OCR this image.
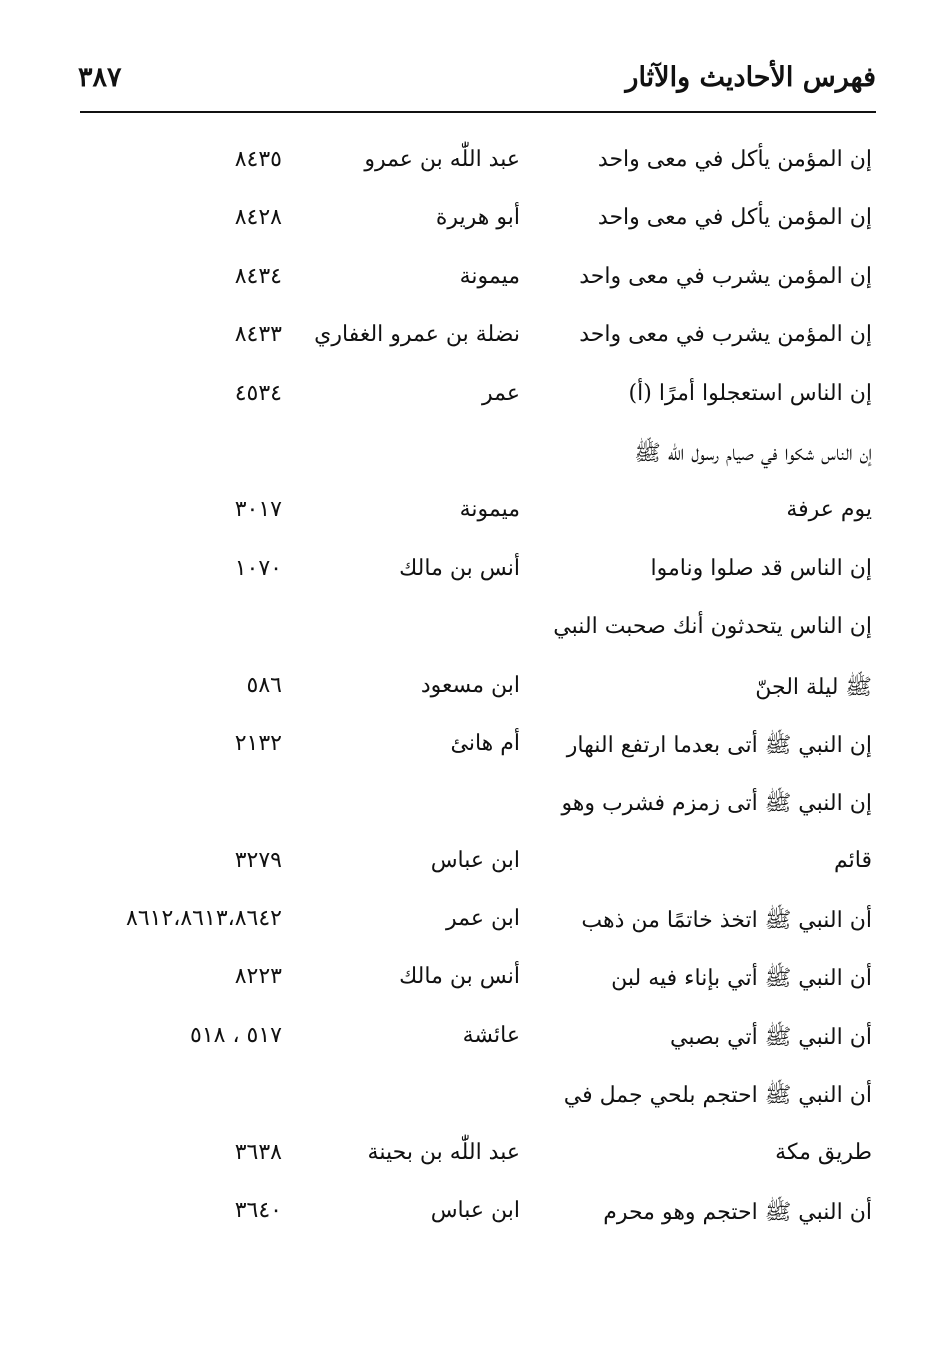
فهرس الأحاديث والآثار
٣٨٧
إن المؤمن يأكل في معى واحد
عبد اللّٰه بن عمرو
٨٤٣٥
إن المؤمن يأكل في معى واحد
أبو هريرة
٨٤٢٨
إن المؤمن يشرب في معى واحد
ميمونة
٨٤٣٤
إن المؤمن يشرب في معى واحد
نضلة بن عمرو الغفاري
٨٤٣٣
إن الناس استعجلوا أمرًا (أ)
عمر
٤٥٣٤
إن الناس شكوا في صيام رسول اللّٰه ﷺ
يوم عرفة
ميمونة
٣٠١٧
إن الناس قد صلوا وناموا
أنس بن مالك
١٠٧٠
إن الناس يتحدثون أنك صحبت النبي
ﷺ ليلة الجنّ
ابن مسعود
٥٨٦
إن النبي ﷺ أتى بعدما ارتفع النهار
أم هانئ
٢١٣٢
إن النبي ﷺ أتى زمزم فشرب وهو
قائم
ابن عباس
٣٢٧٩
أن النبي ﷺ اتخذ خاتمًا من ذهب
ابن عمر
٨٦١٢،٨٦١٣،٨٦٤٢
أن النبي ﷺ أتي بإناء فيه لبن
أنس بن مالك
٨٢٢٣
أن النبي ﷺ أتي بصبي
عائشة
٥١٧ ، ٥١٨
أن النبي ﷺ احتجم بلحي جمل في
طريق مكة
عبد اللّٰه بن بحينة
٣٦٣٨
أن النبي ﷺ احتجم وهو محرم
ابن عباس
٣٦٤٠
